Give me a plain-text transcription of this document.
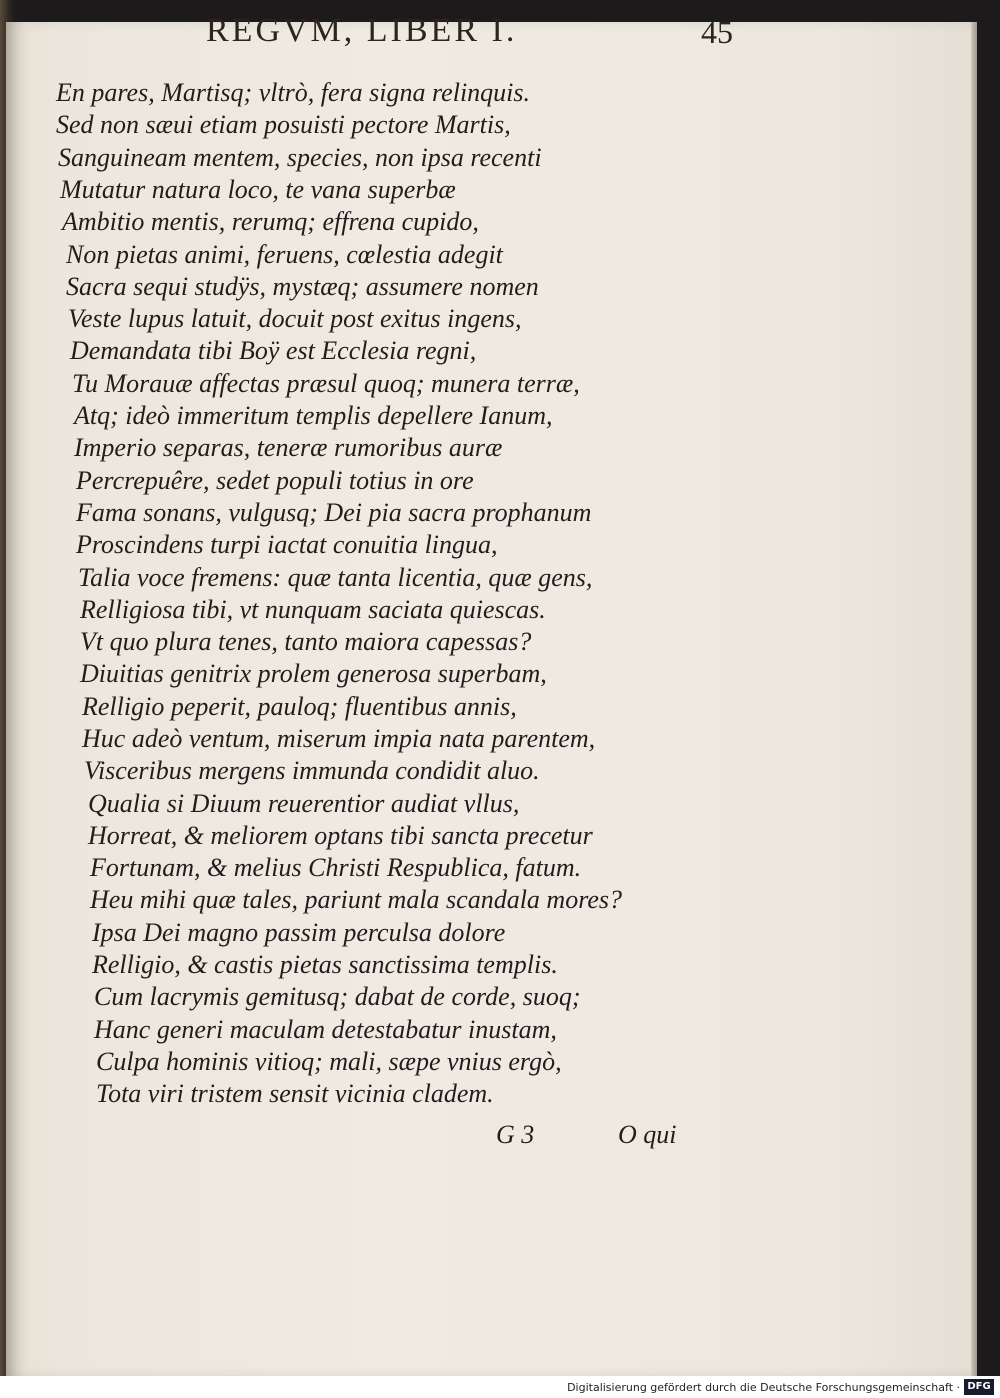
REGVM, LIBER I.	45
En pares, Martisq; vltrò, fera signa relinquis.
Sed non sæui etiam posuisti pectore Martis,
Sanguineam mentem, species, non ipsa recenti
Mutatur natura loco, te vana superbæ
Ambitio mentis, rerumq; effrena cupido,
Non pietas animi, feruens, cœlestia adegit
Sacra sequi studÿs, mystæq; assumere nomen
Veste lupus latuit, docuit post exitus ingens,
Demandata tibi Boÿ est Ecclesia regni,
Tu Morauæ affectas præsul quoq; munera terræ,
Atq; ideò immeritum templis depellere Ianum,
Imperio separas, teneræ rumoribus auræ
Percrepuêre, sedet populi totius in ore
Fama sonans, vulgusq; Dei pia sacra prophanum
Proscindens turpi iactat conuitia lingua,
Talia voce fremens: quæ tanta licentia, quæ gens,
Relligiosa tibi, vt nunquam saciata quiescas.
Vt quo plura tenes, tanto maiora capessas?
Diuitias genitrix prolem generosa superbam,
Relligio peperit, pauloq; fluentibus annis,
Huc adeò ventum, miserum impia nata parentem,
Visceribus mergens immunda condidit aluo.
Qualia si Diuum reuerentior audiat vllus,
Horreat, & meliorem optans tibi sancta precetur
Fortunam, & melius Christi Respublica, fatum.
Heu mihi quæ tales, pariunt mala scandala mores?
Ipsa Dei magno passim perculsa dolore
Relligio, & castis pietas sanctissima templis.
Cum lacrymis gemitusq; dabat de corde, suoq;
Hanc generi maculam detestabatur inustam,
Culpa hominis vitioq; mali, sæpe vnius ergò,
Tota viri tristem sensit vicinia cladem.
G 3	O qui
Digitalisierung gefördert durch die Deutsche Forschungsgemeinschaft · DFG
